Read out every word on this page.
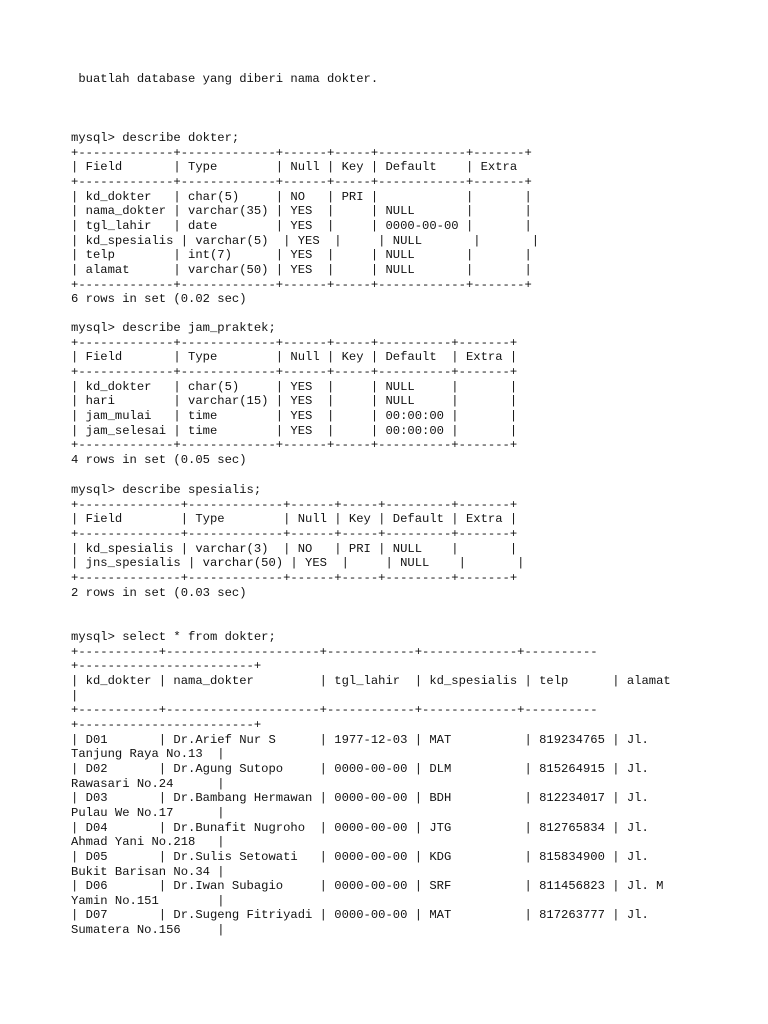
buatlah database yang diberi nama dokter.
mysql> describe dokter;
+-------------+-------------+------+-----+------------+-------+
| Field       | Type        | Null | Key | Default    | Extra
+-------------+-------------+------+-----+------------+-------+
| kd_dokter   | char(5)     | NO   | PRI |            |       |
| nama_dokter | varchar(35) | YES  |     | NULL       |       |
| tgl_lahir   | date        | YES  |     | 0000-00-00 |       |
| kd_spesialis | varchar(5)  | YES  |     | NULL       |       |
| telp        | int(7)      | YES  |     | NULL       |       |
| alamat      | varchar(50) | YES  |     | NULL       |       |
+-------------+-------------+------+-----+------------+-------+
6 rows in set (0.02 sec)
mysql> describe jam_praktek;
+-------------+-------------+------+-----+----------+-------+
| Field       | Type        | Null | Key | Default  | Extra |
+-------------+-------------+------+-----+----------+-------+
| kd_dokter   | char(5)     | YES  |     | NULL     |       |
| hari        | varchar(15) | YES  |     | NULL     |       |
| jam_mulai   | time        | YES  |     | 00:00:00 |       |
| jam_selesai | time        | YES  |     | 00:00:00 |       |
+-------------+-------------+------+-----+----------+-------+
4 rows in set (0.05 sec)
mysql> describe spesialis;
+--------------+-------------+------+-----+---------+-------+
| Field        | Type        | Null | Key | Default | Extra |
+--------------+-------------+------+-----+---------+-------+
| kd_spesialis | varchar(3)  | NO   | PRI | NULL    |       |
| jns_spesialis | varchar(50) | YES  |     | NULL    |       |
+--------------+-------------+------+-----+---------+-------+
2 rows in set (0.03 sec)
mysql> select * from dokter;
+-----------+---------------------+------------+-------------+----------
+------------------------+
| kd_dokter | nama_dokter         | tgl_lahir  | kd_spesialis | telp      | alamat
|
+-----------+---------------------+------------+-------------+----------
+------------------------+
| D01       | Dr.Arief Nur S      | 1977-12-03 | MAT          | 819234765 | Jl.
Tanjung Raya No.13  |
| D02       | Dr.Agung Sutopo     | 0000-00-00 | DLM          | 815264915 | Jl.
Rawasari No.24      |
| D03       | Dr.Bambang Hermawan | 0000-00-00 | BDH          | 812234017 | Jl.
Pulau We No.17      |
| D04       | Dr.Bunafit Nugroho  | 0000-00-00 | JTG          | 812765834 | Jl.
Ahmad Yani No.218   |
| D05       | Dr.Sulis Setowati   | 0000-00-00 | KDG          | 815834900 | Jl.
Bukit Barisan No.34 |
| D06       | Dr.Iwan Subagio     | 0000-00-00 | SRF          | 811456823 | Jl. M
Yamin No.151        |
| D07       | Dr.Sugeng Fitriyadi | 0000-00-00 | MAT          | 817263777 | Jl.
Sumatera No.156     |
